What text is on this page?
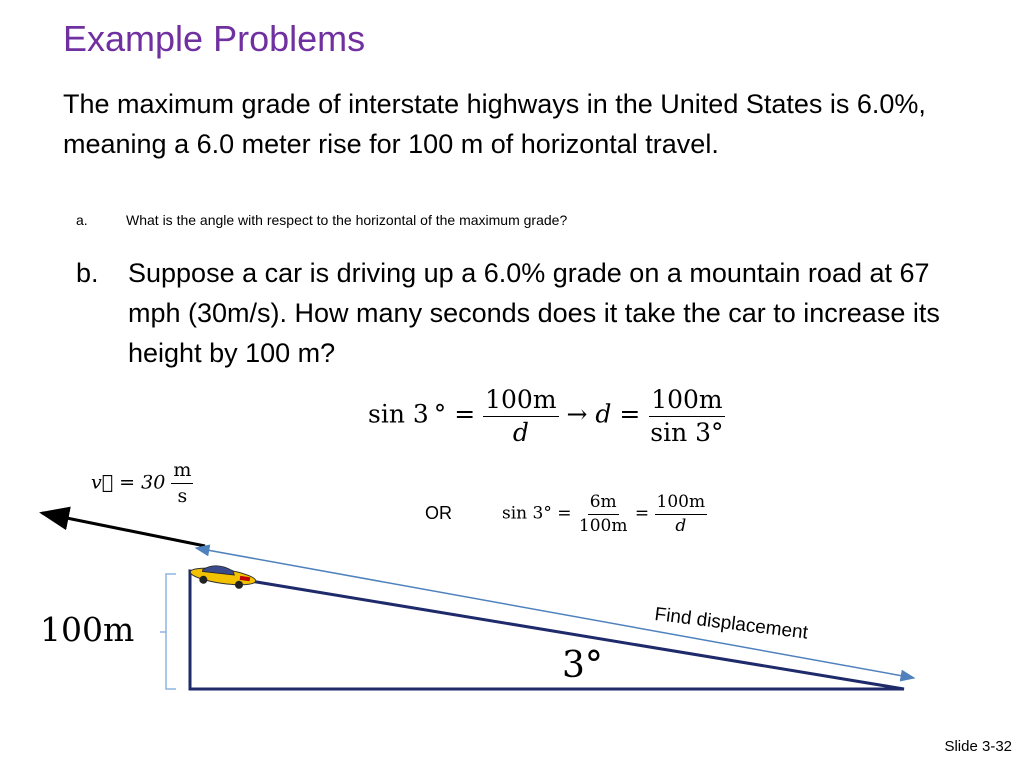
Example Problems
The maximum grade of interstate highways in the United States is 6.0%, meaning a 6.0 meter rise for 100 m of horizontal travel.
a.	What is the angle with respect to the horizontal of the maximum grade?
b. Suppose a car is driving up a 6.0% grade on a mountain road at 67 mph (30m/s). How many seconds does it take the car to increase its height by 100 m?
sin 3 ° = $\frac{100m}{d} \to d = \frac{100m}{\sin 3^\circ}$
OR	$\sin 3^\circ = \frac{6m}{100m} = \frac{100m}{d}$
v⃗ = $30 \frac{m}{s}$
100m
3°
Find displacement
Slide 3-32
